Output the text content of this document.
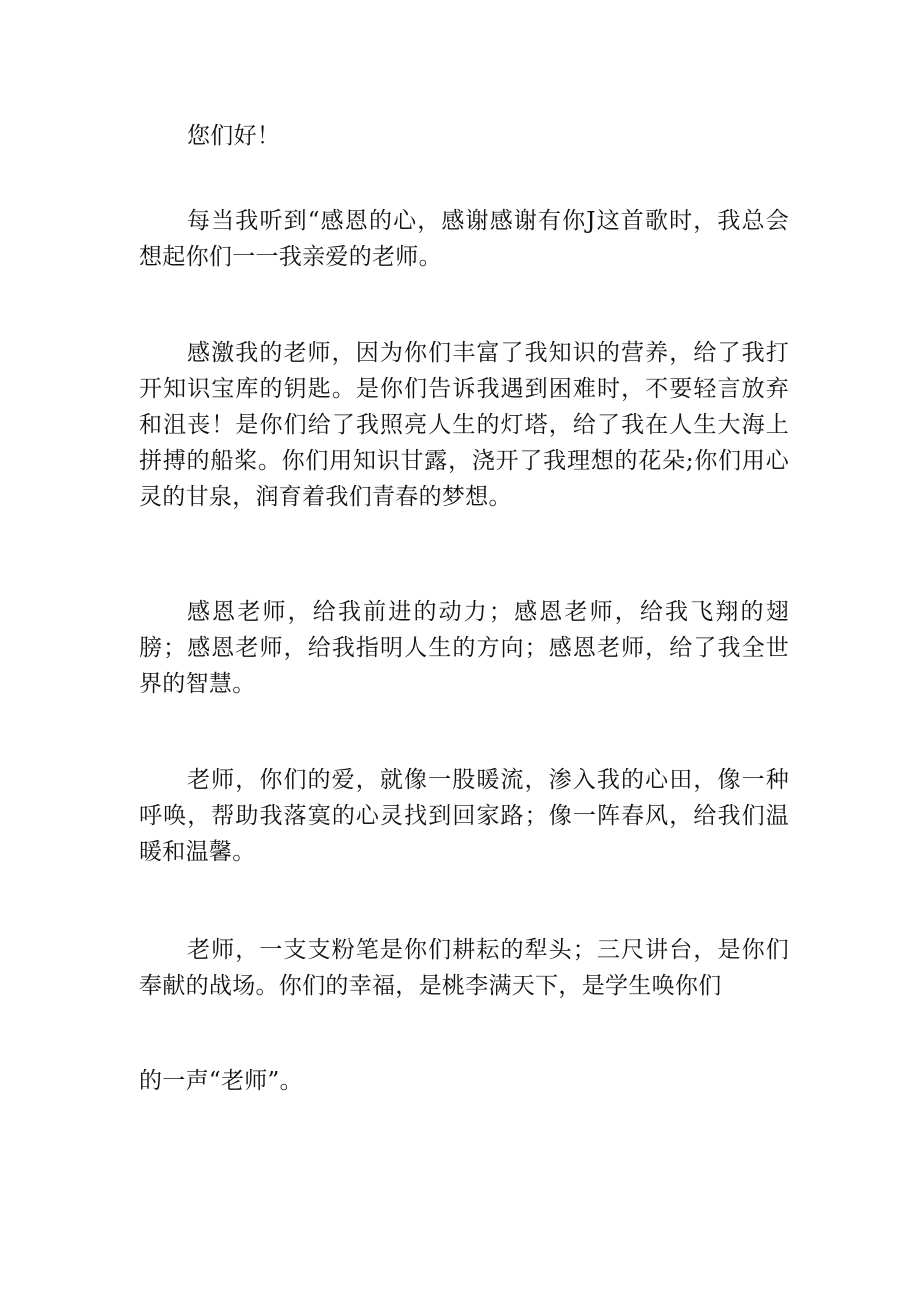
您们好！

每当我听到“感恩的心，感谢感谢有你J这首歌时，我总会想起你们一一我亲爱的老师。

感激我的老师，因为你们丰富了我知识的营养，给了我打开知识宝库的钥匙。是你们告诉我遇到困难时，不要轻言放弃和沮丧！是你们给了我照亮人生的灯塔，给了我在人生大海上拼搏的船桨。你们用知识甘露，浇开了我理想的花朵;你们用心灵的甘泉，润育着我们青春的梦想。

感恩老师，给我前进的动力；感恩老师，给我飞翔的翅膀；感恩老师，给我指明人生的方向；感恩老师，给了我全世界的智慧。

老师，你们的爱，就像一股暖流，渗入我的心田，像一种呼唤，帮助我落寞的心灵找到回家路；像一阵春风，给我们温暖和温馨。

老师，一支支粉笔是你们耕耘的犁头；三尺讲台，是你们奉献的战场。你们的幸福，是桃李满天下，是学生唤你们

的一声“老师”。
